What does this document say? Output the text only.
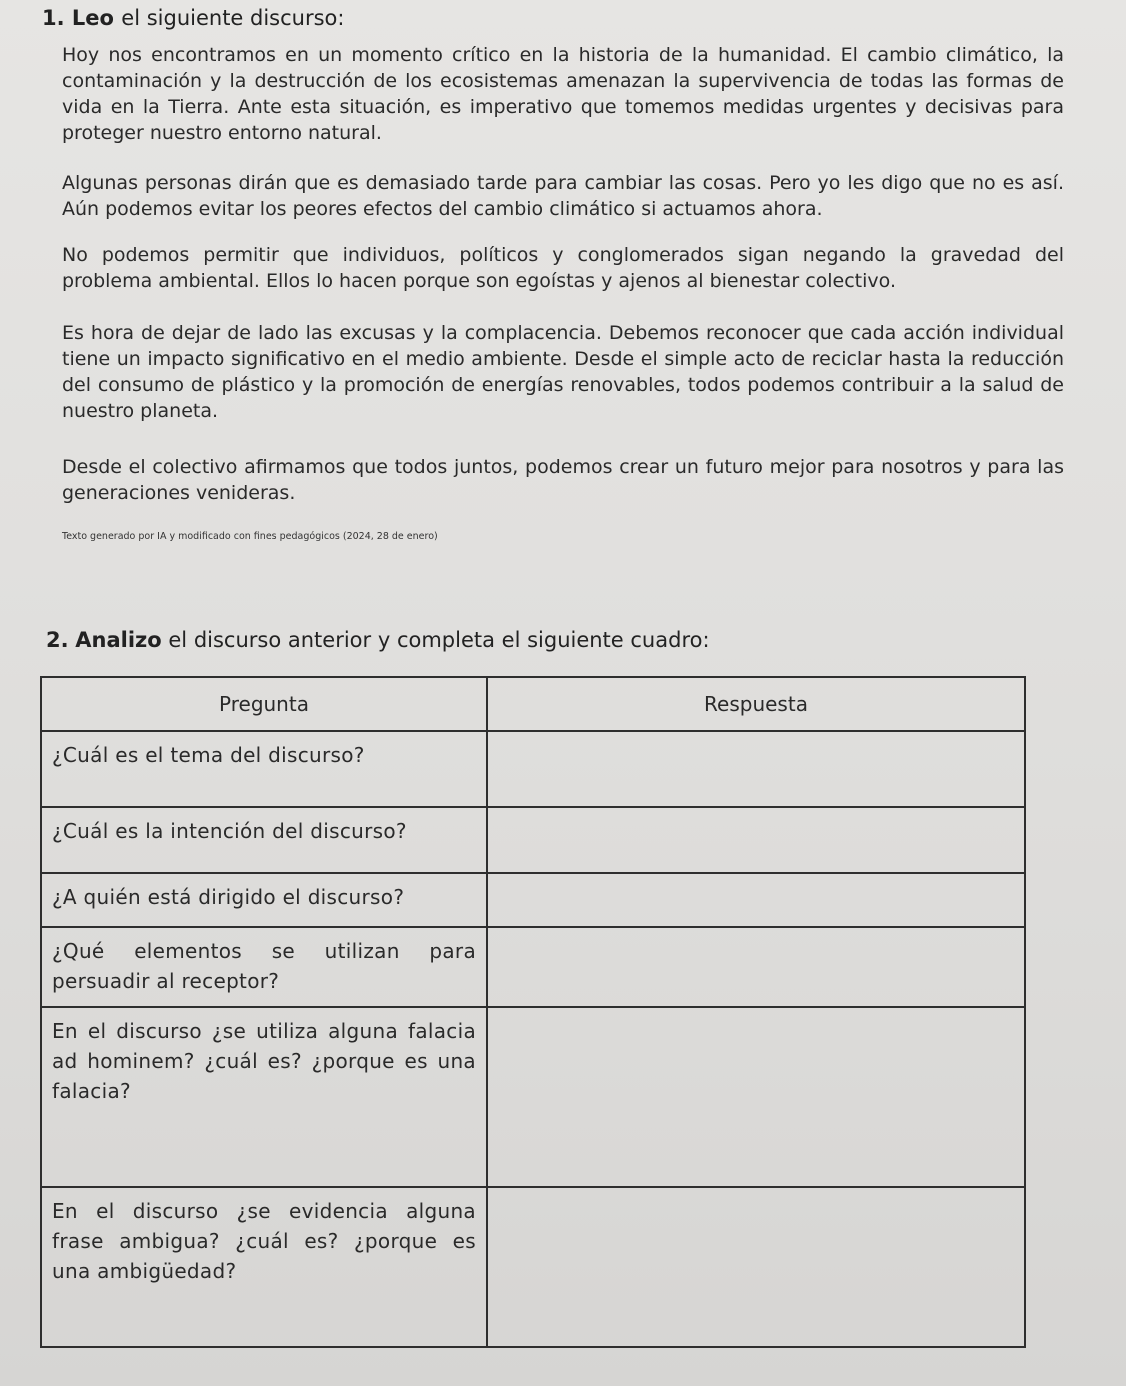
1. Leo el siguiente discurso:

Hoy nos encontramos en un momento crítico en la historia de la humanidad. El cambio climático, la contaminación y la destrucción de los ecosistemas amenazan la supervivencia de todas las formas de vida en la Tierra. Ante esta situación, es imperativo que tomemos medidas urgentes y decisivas para proteger nuestro entorno natural.

Algunas personas dirán que es demasiado tarde para cambiar las cosas. Pero yo les digo que no es así. Aún podemos evitar los peores efectos del cambio climático si actuamos ahora.

No podemos permitir que individuos, políticos y conglomerados sigan negando la gravedad del problema ambiental. Ellos lo hacen porque son egoístas y ajenos al bienestar colectivo.

Es hora de dejar de lado las excusas y la complacencia. Debemos reconocer que cada acción individual tiene un impacto significativo en el medio ambiente. Desde el simple acto de reciclar hasta la reducción del consumo de plástico y la promoción de energías renovables, todos podemos contribuir a la salud de nuestro planeta.

Desde el colectivo afirmamos que todos juntos, podemos crear un futuro mejor para nosotros y para las generaciones venideras.

Texto generado por IA y modificado con fines pedagógicos (2024, 28 de enero)

2. Analizo el discurso anterior y completa el siguiente cuadro:
Pregunta	Respuesta
¿Cuál es el tema del discurso?	
¿Cuál es la intención del discurso?	
¿A quién está dirigido el discurso?	
¿Qué elementos se utilizan para persuadir al receptor?	
En el discurso ¿se utiliza alguna falacia ad hominem? ¿cuál es? ¿porque es una falacia?	
En el discurso ¿se evidencia alguna frase ambigua? ¿cuál es? ¿porque es una ambigüedad?	
